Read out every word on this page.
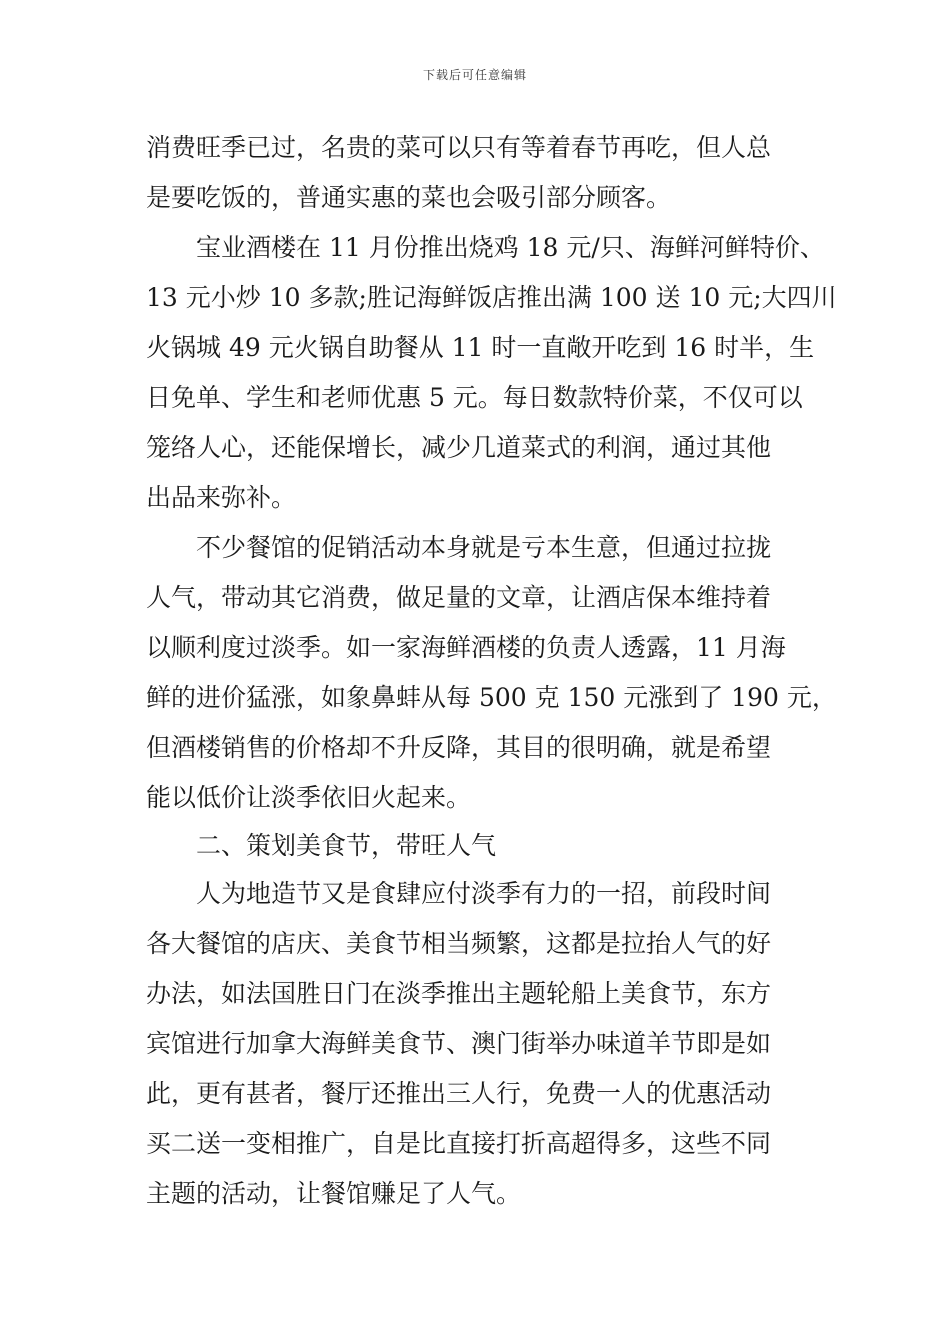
下载后可任意编辑
消费旺季已过，名贵的菜可以只有等着春节再吃，但人总
是要吃饭的，普通实惠的菜也会吸引部分顾客。
宝业酒楼在 11 月份推出烧鸡 18 元/只、海鲜河鲜特价、
13 元小炒 10 多款;胜记海鲜饭店推出满 100 送 10 元;大四川
火锅城 49 元火锅自助餐从 11 时一直敞开吃到 16 时半，生
日免单、学生和老师优惠 5 元。每日数款特价菜，不仅可以
笼络人心，还能保增长，减少几道菜式的利润，通过其他
出品来弥补。
不少餐馆的促销活动本身就是亏本生意，但通过拉拢
人气，带动其它消费，做足量的文章，让酒店保本维持着
以顺利度过淡季。如一家海鲜酒楼的负责人透露，11 月海
鲜的进价猛涨，如象鼻蚌从每 500 克 150 元涨到了 190 元，
但酒楼销售的价格却不升反降，其目的很明确，就是希望
能以低价让淡季依旧火起来。
二、策划美食节，带旺人气
人为地造节又是食肆应付淡季有力的一招，前段时间
各大餐馆的店庆、美食节相当频繁，这都是拉抬人气的好
办法，如法国胜日门在淡季推出主题轮船上美食节，东方
宾馆进行加拿大海鲜美食节、澳门街举办味道羊节即是如
此，更有甚者，餐厅还推出三人行，免费一人的优惠活动
买二送一变相推广，自是比直接打折高超得多，这些不同
主题的活动，让餐馆赚足了人气。
